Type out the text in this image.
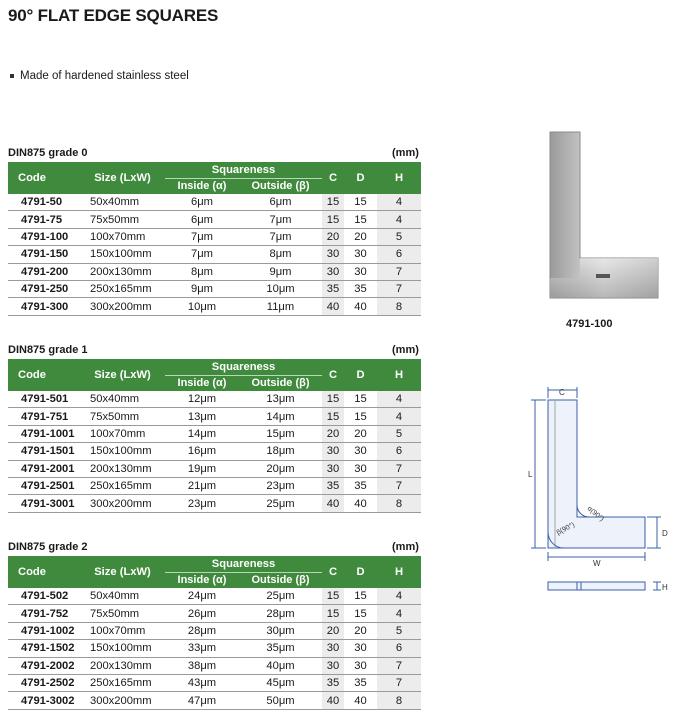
90° FLAT EDGE SQUARES
Made of hardened stainless steel
DIN875 grade 0	(mm)
Code	Size (LxW)	Squareness		C	D	H
		Inside (α)	Outside (β)			
4791-50	50x40mm	6μm	6μm	15	15	4
4791-75	75x50mm	6μm	7μm	15	15	4
4791-100	100x70mm	7μm	7μm	20	20	5
4791-150	150x100mm	7μm	8μm	30	30	6
4791-200	200x130mm	8μm	9μm	30	30	7
4791-250	250x165mm	9μm	10μm	35	35	7
4791-300	300x200mm	10μm	11μm	40	40	8
DIN875 grade 1	(mm)
Code	Size (LxW)	Squareness		C	D	H
		Inside (α)	Outside (β)			
4791-501	50x40mm	12μm	13μm	15	15	4
4791-751	75x50mm	13μm	14μm	15	15	4
4791-1001	100x70mm	14μm	15μm	20	20	5
4791-1501	150x100mm	16μm	18μm	30	30	6
4791-2001	200x130mm	19μm	20μm	30	30	7
4791-2501	250x165mm	21μm	23μm	35	35	7
4791-3001	300x200mm	23μm	25μm	40	40	8
DIN875 grade 2	(mm)
Code	Size (LxW)	Squareness		C	D	H
		Inside (α)	Outside (β)			
4791-502	50x40mm	24μm	25μm	15	15	4
4791-752	75x50mm	26μm	28μm	15	15	4
4791-1002	100x70mm	28μm	30μm	20	20	5
4791-1502	150x100mm	33μm	35μm	30	30	6
4791-2002	200x130mm	38μm	40μm	30	30	7
4791-2502	250x165mm	43μm	45μm	35	35	7
4791-3002	300x200mm	47μm	50μm	40	40	8
4791-100
C
L
W
D
H
α(90°)
β(90°)
